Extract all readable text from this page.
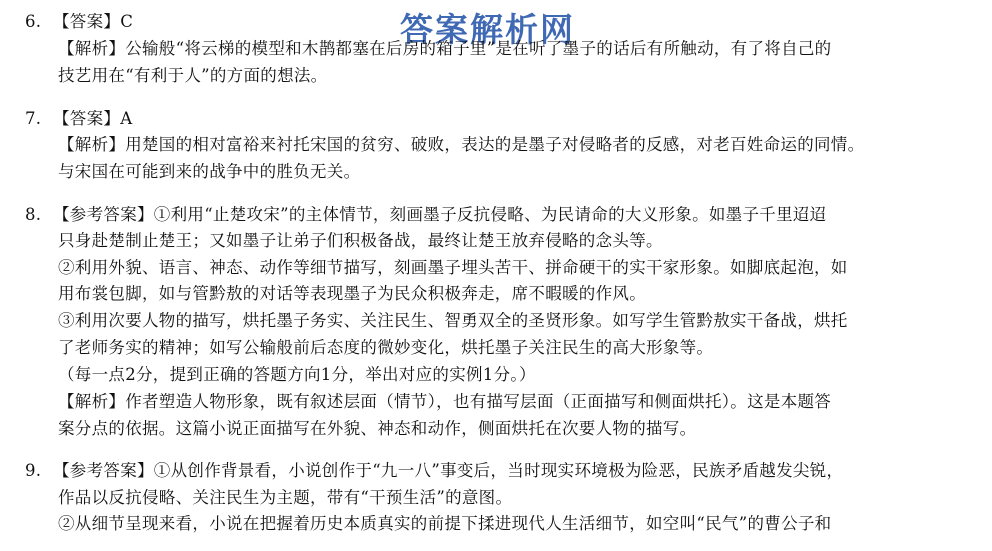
答案解析网
6. 【答案】C
【解析】公输般“将云梯的模型和木鹊都塞在后房的箱子里”是在听了墨子的话后有所触动，有了将自己的
技艺用在“有利于人”的方面的想法。
7. 【答案】A
【解析】用楚国的相对富裕来衬托宋国的贫穷、破败，表达的是墨子对侵略者的反感，对老百姓命运的同情。
与宋国在可能到来的战争中的胜负无关。
8. 【参考答案】①利用“止楚攻宋”的主体情节，刻画墨子反抗侵略、为民请命的大义形象。如墨子千里迢迢
只身赴楚制止楚王；又如墨子让弟子们积极备战，最终让楚王放弃侵略的念头等。
②利用外貌、语言、神态、动作等细节描写，刻画墨子埋头苦干、拼命硬干的实干家形象。如脚底起泡，如
用布裳包脚，如与管黔敖的对话等表现墨子为民众积极奔走，席不暇暖的作风。
③利用次要人物的描写，烘托墨子务实、关注民生、智勇双全的圣贤形象。如写学生管黔敖实干备战，烘托
了老师务实的精神；如写公输般前后态度的微妙变化，烘托墨子关注民生的高大形象等。
（每一点2分，提到正确的答题方向1分，举出对应的实例1分。）
【解析】作者塑造人物形象，既有叙述层面（情节），也有描写层面（正面描写和侧面烘托）。这是本题答
案分点的依据。这篇小说正面描写在外貌、神态和动作，侧面烘托在次要人物的描写。
9. 【参考答案】①从创作背景看，小说创作于“九一八”事变后，当时现实环境极为险恶，民族矛盾越发尖锐，
作品以反抗侵略、关注民生为主题，带有“干预生活”的意图。
②从细节呈现来看，小说在把握着历史本质真实的前提下揉进现代人生活细节，如空叫“民气”的曹公子和
